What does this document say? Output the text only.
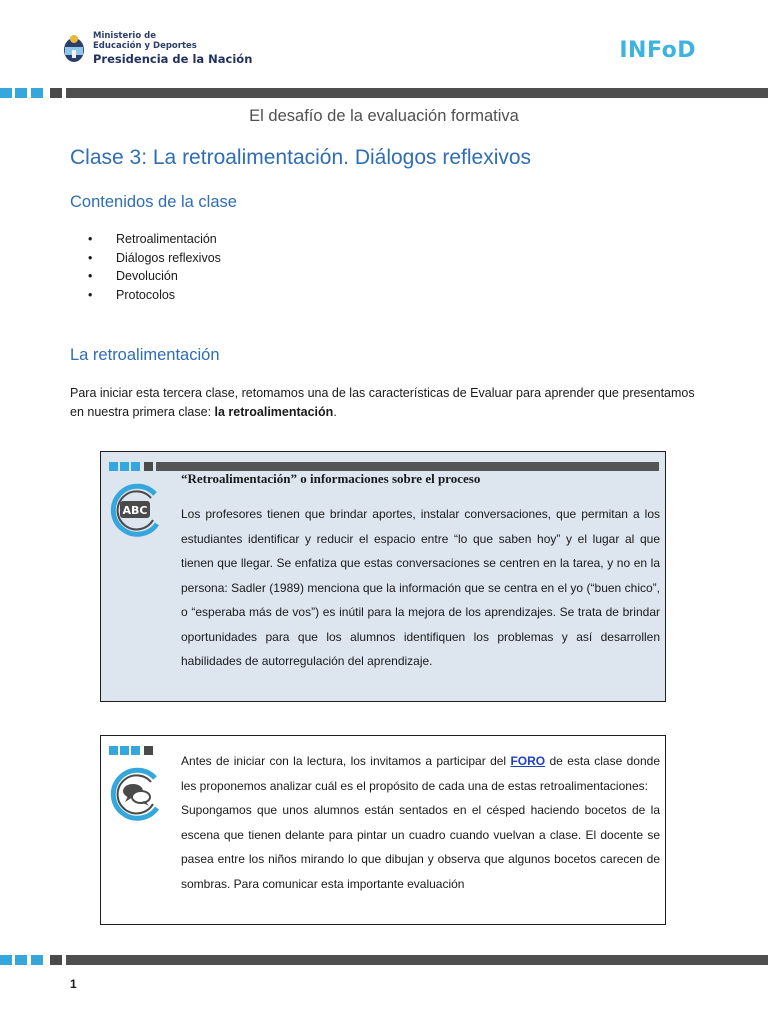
Ministerio de
Educación y Deportes
Presidencia de la Nación	INFoD
El desafío de la evaluación formativa
Clase 3: La retroalimentación. Diálogos reflexivos
Contenidos de la clase
• Retroalimentación
• Diálogos reflexivos
• Devolución
• Protocolos
La retroalimentación
Para iniciar esta tercera clase, retomamos una de las características de Evaluar para aprender que presentamos en nuestra primera clase: la retroalimentación.
ABC
“Retroalimentación” o informaciones sobre el proceso
Los profesores tienen que brindar aportes, instalar conversaciones, que permitan a los estudiantes identificar y reducir el espacio entre “lo que saben hoy” y el lugar al que tienen que llegar. Se enfatiza que estas conversaciones se centren en la tarea, y no en la persona: Sadler (1989) menciona que la información que se centra en el yo (“buen chico”, o “esperaba más de vos”) es inútil para la mejora de los aprendizajes. Se trata de brindar oportunidades para que los alumnos identifiquen los problemas y así desarrollen habilidades de autorregulación del aprendizaje.
Antes de iniciar con la lectura, los invitamos a participar del FORO de esta clase donde les proponemos analizar cuál es el propósito de cada una de estas retroalimentaciones:
Supongamos que unos alumnos están sentados en el césped haciendo bocetos de la escena que tienen delante para pintar un cuadro cuando vuelvan a clase. El docente se pasea entre los niños mirando lo que dibujan y observa que algunos bocetos carecen de sombras. Para comunicar esta importante evaluación
1
